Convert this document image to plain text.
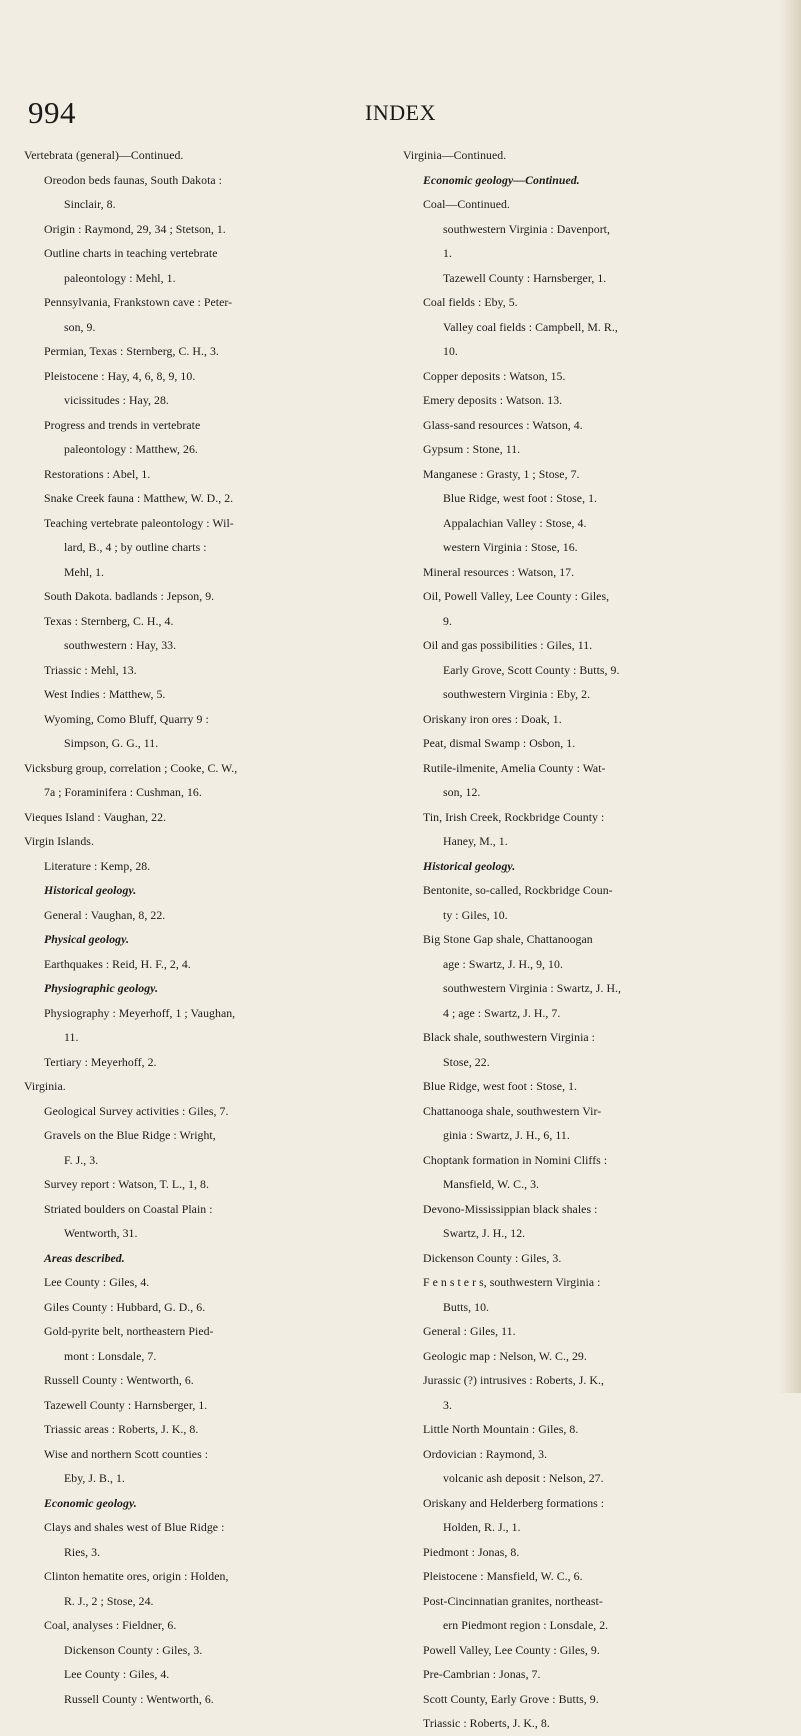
994	INDEX
Vertebrata (general)—Continued.
Oreodon beds faunas, South Dakota :
Sinclair, 8.
Origin : Raymond, 29, 34 ; Stetson, 1.
Outline charts in teaching vertebrate
paleontology : Mehl, 1.
Pennsylvania, Frankstown cave : Peter-
son, 9.
Permian, Texas : Sternberg, C. H., 3.
Pleistocene : Hay, 4, 6, 8, 9, 10.
vicissitudes : Hay, 28.
Progress and trends in vertebrate
paleontology : Matthew, 26.
Restorations : Abel, 1.
Snake Creek fauna : Matthew, W. D., 2.
Teaching vertebrate paleontology : Wil-
lard, B., 4 ; by outline charts :
Mehl, 1.
South Dakota. badlands : Jepson, 9.
Texas : Sternberg, C. H., 4.
southwestern : Hay, 33.
Triassic : Mehl, 13.
West Indies : Matthew, 5.
Wyoming, Como Bluff, Quarry 9 :
Simpson, G. G., 11.
Vicksburg group, correlation ; Cooke, C. W.,
7a ; Foraminifera : Cushman, 16.
Vieques Island : Vaughan, 22.
Virgin Islands.
Literature : Kemp, 28.
Historical geology.
General : Vaughan, 8, 22.
Physical geology.
Earthquakes : Reid, H. F., 2, 4.
Physiographic geology.
Physiography : Meyerhoff, 1 ; Vaughan,
11.
Tertiary : Meyerhoff, 2.
Virginia.
Geological Survey activities : Giles, 7.
Gravels on the Blue Ridge : Wright,
F. J., 3.
Survey report : Watson, T. L., 1, 8.
Striated boulders on Coastal Plain :
Wentworth, 31.
Areas described.
Lee County : Giles, 4.
Giles County : Hubbard, G. D., 6.
Gold-pyrite belt, northeastern Pied-
mont : Lonsdale, 7.
Russell County : Wentworth, 6.
Tazewell County : Harnsberger, 1.
Triassic areas : Roberts, J. K., 8.
Wise and northern Scott counties :
Eby, J. B., 1.
Economic geology.
Clays and shales west of Blue Ridge :
Ries, 3.
Clinton hematite ores, origin : Holden,
R. J., 2 ; Stose, 24.
Coal, analyses : Fieldner, 6.
Dickenson County : Giles, 3.
Lee County : Giles, 4.
Russell County : Wentworth, 6.
Virginia—Continued.
Economic geology—Continued.
Coal—Continued.
southwestern Virginia : Davenport,
1.
Tazewell County : Harnsberger, 1.
Coal fields : Eby, 5.
Valley coal fields : Campbell, M. R.,
10.
Copper deposits : Watson, 15.
Emery deposits : Watson. 13.
Glass-sand resources : Watson, 4.
Gypsum : Stone, 11.
Manganese : Grasty, 1 ; Stose, 7.
Blue Ridge, west foot : Stose, 1.
Appalachian Valley : Stose, 4.
western Virginia : Stose, 16.
Mineral resources : Watson, 17.
Oil, Powell Valley, Lee County : Giles,
9.
Oil and gas possibilities : Giles, 11.
Early Grove, Scott County : Butts, 9.
southwestern Virginia : Eby, 2.
Oriskany iron ores : Doak, 1.
Peat, dismal Swamp : Osbon, 1.
Rutile-ilmenite, Amelia County : Wat-
son, 12.
Tin, Irish Creek, Rockbridge County :
Haney, M., 1.
Historical geology.
Bentonite, so-called, Rockbridge Coun-
ty : Giles, 10.
Big Stone Gap shale, Chattanoogan
age : Swartz, J. H., 9, 10.
southwestern Virginia : Swartz, J. H.,
4 ; age : Swartz, J. H., 7.
Black shale, southwestern Virginia :
Stose, 22.
Blue Ridge, west foot : Stose, 1.
Chattanooga shale, southwestern Vir-
ginia : Swartz, J. H., 6, 11.
Choptank formation in Nomini Cliffs :
Mansfield, W. C., 3.
Devono-Mississippian black shales :
Swartz, J. H., 12.
Dickenson County : Giles, 3.
F e n s t e r s, southwestern Virginia :
Butts, 10.
General : Giles, 11.
Geologic map : Nelson, W. C., 29.
Jurassic (?) intrusives : Roberts, J. K.,
3.
Little North Mountain : Giles, 8.
Ordovician : Raymond, 3.
volcanic ash deposit : Nelson, 27.
Oriskany and Helderberg formations :
Holden, R. J., 1.
Piedmont : Jonas, 8.
Pleistocene : Mansfield, W. C., 6.
Post-Cincinnatian granites, northeast-
ern Piedmont region : Lonsdale, 2.
Powell Valley, Lee County : Giles, 9.
Pre-Cambrian : Jonas, 7.
Scott County, Early Grove : Butts, 9.
Triassic : Roberts, J. K., 8.
